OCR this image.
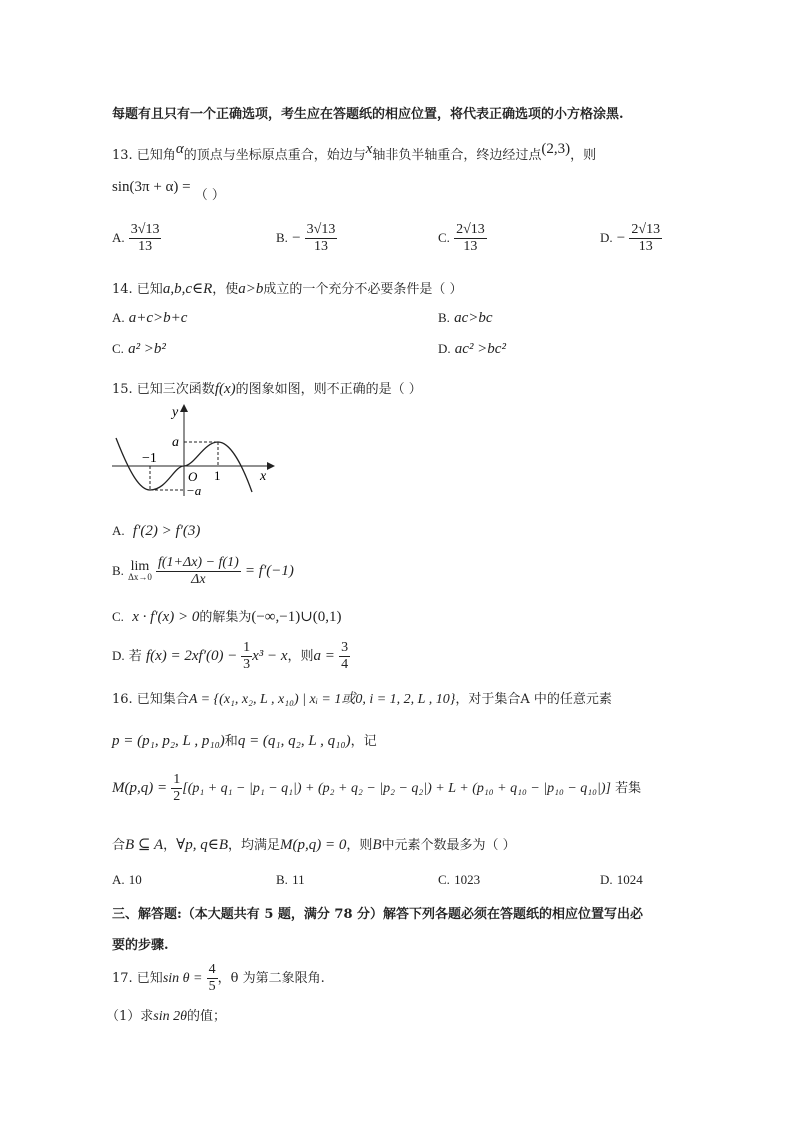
每题有且只有一个正确选项，考生应在答题纸的相应位置，将代表正确选项的小方格涂黑.
13. 已知角α的顶点与坐标原点重合，始边与x轴非负半轴重合，终边经过点(2,3)，则
sin(3π + α) = （ ）
A. $\frac{3√13}{13}$	B. − $\frac{3√13}{13}$	C. $\frac{2√13}{13}$	D. − $\frac{2√13}{13}$
14. 已知a,b,c∈R，使a>b成立的一个充分不必要条件是（ ）
A. a+c>b+c	B. ac>bc
C. a² >b²	D. ac² >bc²
15. 已知三次函数f(x)的图象如图，则不正确的是（ ）
y
a
−1
O 1	x
−a
A. f′(2) > f′(3)
B. lim
Δx→0
$\frac{f(1+\Delta x) - f(1)}{\Delta x} = f'(-1)$
C. x · f′(x) > 0的解集为(−∞,−1)∪(0,1)
D. 若 $f(x) = 2xf'(0) - \frac{1}{3} x^3 - x$，则$a = \frac{3}{4}$
16. 已知集合A = {(x₁, x₂, L , x₁₀) | xᵢ = 1或0, i = 1, 2, L , 10}，对于集合A 中的任意元素
p = (p₁, p₂, L , p₁₀)和q = (q₁, q₂, L , q₁₀)，记
$M(p,q) = \frac{1}{2} [(p_1 + q_1 - |p_1 - q_1|) + (p_2 + q_2 - |p_2 - q_2|) + L + (p_{10} + q_{10} - |p_{10} - q_{10}|)]$ 若集
合B ⊆ A，∀p, q∈B，均满足M(p,q) = 0，则B中元素个数最多为（ ）
A. 10	B. 11	C. 1023	D. 1024
三、解答题:（本大题共有 5 题，满分 78 分）解答下列各题必须在答题纸的相应位置写出必
要的步骤.
17. 已知$\sin \theta = \frac{4}{5}$ ，θ 为第二象限角.
（1）求sin 2θ的值；
